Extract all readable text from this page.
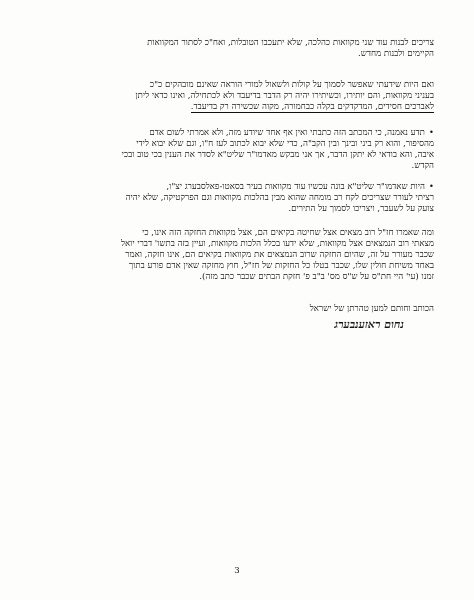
צריכים לבנות עוד שני מקוואות כהלכה, שלא יתעכבו הטובלות, ואח"כ לסתור המקוואות
הקיימים ולבנות מחדש.
ואם היות שידעתי שאפשר לסמוך על קולות ולשאול למורי הוראה שאינם מובהקים כ"כ
בעניני מקוואות, והם יותירו, וכשיתירו יהיה רק הדבר בדיעבד ולא לכתחילה, ואינו כדאי ליתן
לאברכים חסידים, המדקדקים בקלה כבחמורה, מקוה שכשירה רק בדיעבד.
•תדע נאמנה, כי המכתב הזה כתבתי ואין אף אחד שיודע מזה, ולא אמרתי לשום אדם
מהסיפור, והוא רק ביני ובינך ובין הקב"ה, כדי שלא יבוא לכתוב לעז ח"ו, וגם שלא יבוא לידי
איבה, והא בודאי לא יתקן הדבר, אך אני מבקש מאדמו"ר שליט"א לסדר את הענין בכי טוב ובכי
הקדש.
•היות שאדמו"ר שליט"א בונה עכשיו עוד מקוואות בעיר בסאטו-פאלסבערג יצ"ו,
רציתי לעורר שצריכים לקח רב מומחה שהוא מבין בהלכות מקוואות וגם הפרקטיקה, שלא יהיה
צועק על לשעבר, ויצריכו לסמוך על התירים.
ומה שאמרו חז"ל רוב מצאים אצל שחיטה בקיאים הם, אצל מקוואות החזקה הזה אינו, כי
מצאתי רוב הנמצאים אצל מקוואות, שלא ידעו בכלל הלכות מקוואות, ועיין בזה בתשו' דברי יואל
שכבר מעורר על זה, שהיום החזקה שרוב הנמצאים את מקוואות בקיאים הם, אינו חזקה, ואמר
באחד משיחת חולין שלו, שכבר בטלו כל החזקות של חז"ל, חוץ מחזקה שאין אדם פורע בתוך
זמנו (עי' היי חת"ס על ש"ס מס' ב"ב פ' חזקת הבתים שכבר כתב מזה).
הכותב וחותם למען טהרתן של ישראל
נחום ראזענבערג
3
